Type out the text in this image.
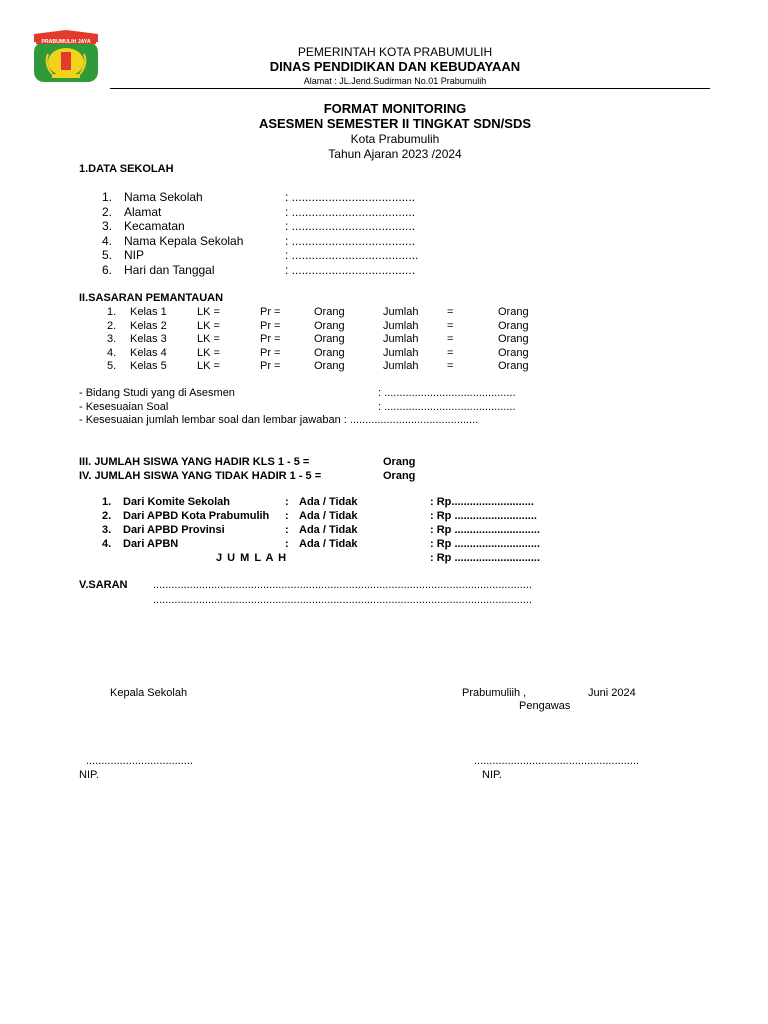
PRABUMULIH JAYA
PEMERINTAH KOTA PRABUMULIH
DINAS PENDIDIKAN DAN KEBUDAYAAN
Alamat : JL.Jend.Sudirman No.01 Prabumulih
FORMAT MONITORING
ASESMEN SEMESTER II TINGKAT SDN/SDS
Kota Prabumulih
Tahun Ajaran 2023 /2024
1.DATA SEKOLAH
1. Nama Sekolah	: .....................................
2. Alamat	: .....................................
3. Kecamatan	: .....................................
4. Nama Kepala Sekolah	: .....................................
5. NIP	: ......................................
6. Hari dan Tanggal	: .....................................
II.SASARAN PEMANTAUAN
1. Kelas 1	LK =	Pr =	Orang	Jumlah	=	Orang
2. Kelas 2	LK =	Pr =	Orang	Jumlah	=	Orang
3. Kelas 3	LK =	Pr =	Orang	Jumlah	=	Orang
4. Kelas 4	LK =	Pr =	Orang	Jumlah	=	Orang
5. Kelas 5	LK =	Pr =	Orang	Jumlah	=	Orang
- Bidang Studi yang di Asesmen	: ...........................................
- Kesesuaian Soal	: ...........................................
- Kesesuaian jumlah lembar soal dan lembar jawaban : ..........................................
III. JUMLAH SISWA YANG HADIR KLS 1 - 5 =	Orang
IV. JUMLAH SISWA YANG TIDAK HADIR 1 - 5 =	Orang
1. Dari Komite Sekolah	: Ada / Tidak	: Rp...........................
2. Dari APBD Kota Prabumulih : Ada / Tidak	: Rp ...........................
3. Dari APBD Provinsi	: Ada / Tidak	: Rp ............................
4. Dari APBN	: Ada / Tidak	: Rp ............................
J U M L A H	: Rp ............................
V.SARAN ............................................................................................................................
............................................................................................................................
Kepala Sekolah	Prabumuliih ,	Juni 2024
Pengawas
...................................	......................................................
NIP.	NIP.
